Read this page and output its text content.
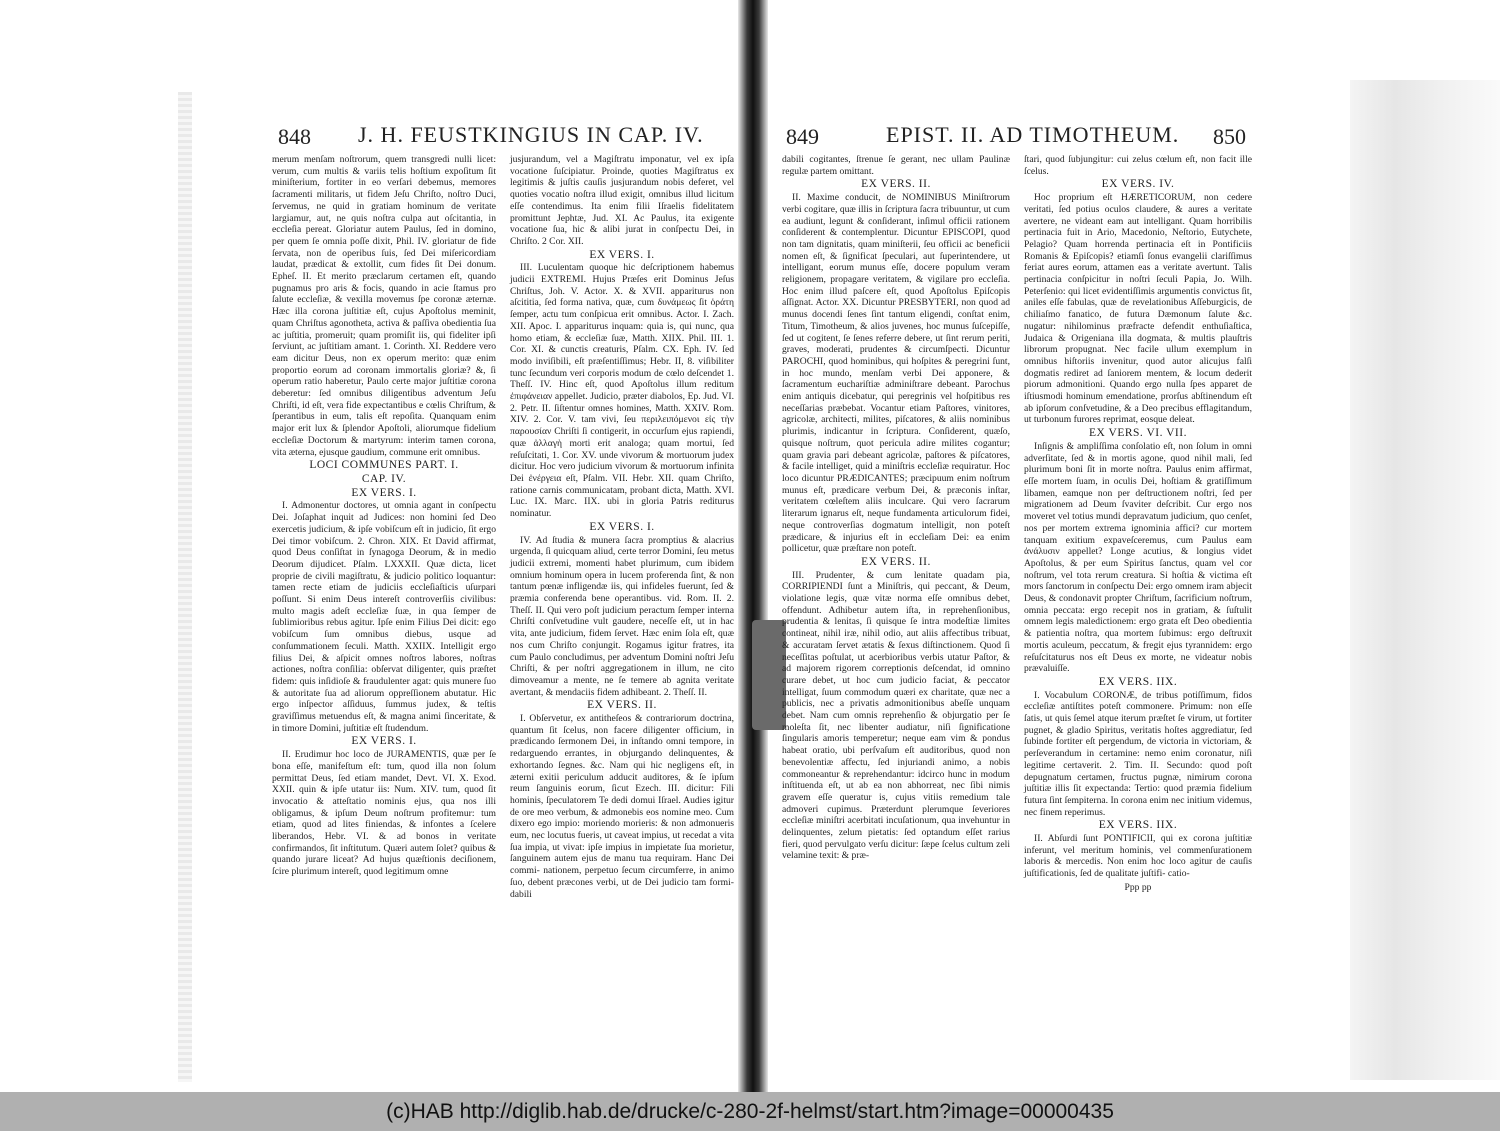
848 J. H. FEUSTKINGIUS IN CAP. IV.

merum menſam noſtrorum, quem transgredi nulli licet: verum, cum multis & variis telis hoſtium expoſitum ſit miniſterium, fortiter in eo verſari debemus, memores ſacramenti militaris, ut fidem Jeſu Chriſto, noſtro Duci, ſervemus, ne quid in gratiam hominum de veritate largiamur, aut, ne quis noſtra culpa aut oſcitantia, in eccleſia pereat. Gloriatur autem Paulus, ſed in domino, per quem ſe omnia poſſe dixit, Phil. IV. gloriatur de fide ſervata, non de operibus ſuis, ſed Dei miſericordiam laudat, prædicat & extollit, cum fides ſit Dei donum. Epheſ. II. Et merito præclarum certamen eſt, quando pugnamus pro aris & focis, quando in acie ſtamus pro ſalute eccleſiæ, & vexilla movemus ſpe coronæ æternæ. Hæc illa corona juſtitiæ eſt, cujus Apoſtolus meminit, quam Chriſtus agonotheta, activa & paſſiva obedientia ſua ac juſtitia, promeruit; quam promiſit iis, qui fideliter ipſi ſerviunt, ac juſtitiam amant. 1. Corinth. XI. Reddere vero eam dicitur Deus, non ex operum merito: quæ enim proportio eorum ad coronam immortalis gloriæ? &, ſi operum ratio haberetur, Paulo certe major juſtitiæ corona deberetur: ſed omnibus diligentibus adventum Jeſu Chriſti, id eſt, vera fide expectantibus e cœlis Chriſtum, & ſperantibus in eum, talis eſt repoſita. Quanquam enim major erit lux & ſplendor Apoſtoli, aliorumque fidelium eccleſiæ Doctorum & martyrum: interim tamen corona, vita æterna, ejusque gaudium, commune erit omnibus.

LOCI COMMUNES PART. I.
CAP. IV.
EX VERS. I.

I. Admonentur doctores, ut omnia agant in conſpectu Dei. Joſaphat inquit ad Judices: non homini ſed Deo exercetis judicium, & ipſe vobiſcum eſt in judicio, ſit ergo Dei timor vobiſcum. 2. Chron. XIX. Et David affirmat, quod Deus conſiſtat in ſynagoga Deorum, & in medio Deorum dijudicet. Pſalm. LXXXII. Quæ dicta, licet proprie de civili magiſtratu, & judicio politico loquantur: tamen recte etiam de judiciis eccleſiaſticis uſurpari poſſunt. Si enim Deus intereſt controverſiis civilibus: multo magis adeſt eccleſiæ ſuæ, in qua ſemper de ſublimioribus rebus agitur. Ipſe enim Filius Dei dicit: ego vobiſcum ſum omnibus diebus, usque ad conſummationem ſeculi. Matth. XXIIX. Intelligit ergo filius Dei, & aſpicit omnes noſtros labores, noſtras actiones, noſtra conſilia: obſervat diligenter, quis præſtet fidem: quis inſidioſe & fraudulenter agat: quis munere ſuo & autoritate ſua ad aliorum oppreſſionem abutatur. Hic ergo inſpector aſſiduus, ſummus judex, & teſtis graviſſimus metuendus eſt, & magna animi ſinceritate, & in timore Domini, juſtitiæ eſt ſtudendum.

EX VERS. I.

II. Erudimur hoc loco de JURAMENTIS, quæ per ſe bona eſſe, manifeſtum eſt: tum, quod illa non ſolum permittat Deus, ſed etiam mandet, Devt. VI. X. Exod. XXII. quin & ipſe utatur iis: Num. XIV. tum, quod ſit invocatio & atteſtatio nominis ejus, qua nos illi obligamus, & ipſum Deum noſtrum profitemur: tum etiam, quod ad lites finiendas, & infontes a ſcelere liberandos, Hebr. VI. & ad bonos in veritate confirmandos, ſit inſtitutum. Quæri autem ſolet? quibus & quando jurare liceat? Ad hujus quæſtionis deciſionem, ſcire plurimum intereſt, quod legitimum omne

jusjurandum, vel a Magiſtratu imponatur, vel ex ipſa vocatione ſuſcipiatur. Proinde, quoties Magiſtratus ex legitimis & juſtis cauſis jusjurandum nobis deferet, vel quoties vocatio noſtra illud exigit, omnibus illud licitum eſſe contendimus. Ita enim filii Iſraelis fidelitatem promittunt Jephtæ, Jud. XI. Ac Paulus, ita exigente vocatione ſua, hic & alibi jurat in conſpectu Dei, in Chriſto. 2 Cor. XII.

EX VERS. I.

III. Luculentam quoque hic deſcriptionem habemus judicii EXTREMI. Hujus Præſes erit Dominus Jeſus Chriſtus, Joh. V. Actor. X. & XVII. appariturus non aſcititia, ſed forma nativa, quæ, cum δυνάμεως ſit ὁράτη ſemper, actu tum conſpicua erit omnibus. Actor. I. Zach. XII. Apoc. I. appariturus inquam: quia is, qui nunc, qua homo etiam, & eccleſiæ ſuæ, Matth. XIIX. Phil. III. 1. Cor. XI. & cunctis creaturis, Pſalm. CX. Eph. IV. ſed modo inviſibili, eſt præſentiſſimus; Hebr. II, 8. viſibiliter tunc ſecundum veri corporis modum de cœlo deſcendet 1. Theſſ. IV. Hinc eſt, quod Apoſtolus illum reditum ἐπιφάνειαν appellet. Judicio, præter diabolos, Ep. Jud. VI. 2. Petr. II. ſiſtentur omnes homines, Matth. XXIV. Rom. XIV. 2. Cor. V. tam vivi, ſeu περιλειπόμενοι εἰς τὴν παρουσίαν Chriſti ſi contigerit, in occurſum ejus rapiendi, quæ ἀλλαγὴ morti erit analoga; quam mortui, ſed reſuſcitati, 1. Cor. XV. unde vivorum & mortuorum judex dicitur. Hoc vero judicium vivorum & mortuorum infinita Dei ἐνέργεια eſt, Pſalm. VII. Hebr. XII. quam Chriſto, ratione carnis communicatam, probant dicta, Matth. XVI. Luc. IX. Marc. IIX. ubi in gloria Patris rediturus nominatur.

EX VERS. I.

IV. Ad ſtudia & munera ſacra promptius & alacrius urgenda, ſi quicquam aliud, certe terror Domini, ſeu metus judicii extremi, momenti habet plurimum, cum ibidem omnium hominum opera in lucem proferenda ſint, & non tantum pœnæ infligendæ iis, qui infideles fuerunt, ſed & præmia conferenda bene operantibus. vid. Rom. II. 2. Theſſ. II. Qui vero poſt judicium peractum ſemper interna Chriſti conſvetudine vult gaudere, neceſſe eſt, ut in hac vita, ante judicium, fidem ſervet. Hæc enim ſola eſt, quæ nos cum Chriſto conjungit. Rogamus igitur fratres, ita cum Paulo concludimus, per adventum Domini noſtri Jeſu Chriſti, & per noſtri aggregationem in illum, ne cito dimoveamur a mente, ne ſe temere ab agnita veritate avertant, & mendaciis fidem adhibeant. 2. Theſſ. II.

EX VERS. II.

I. Obſervetur, ex antitheſeos & contrariorum doctrina, quantum ſit ſcelus, non facere diligenter officium, in prædicando ſermonem Dei, in inſtando omni tempore, in redarguendo errantes, in objurgando delinquentes, & exhortando ſegnes. &c. Nam qui hic negligens eſt, in æterni exitii periculum adducit auditores, & ſe ipſum reum ſanguinis eorum, ſicut Ezech. III. dicitur: Fili hominis, ſpeculatorem Te dedi domui Iſrael. Audies igitur de ore meo verbum, & admonebis eos nomine meo. Cum dixero ego impio: moriendo morieris: & non admonueris eum, nec locutus fueris, ut caveat impius, ut recedat a vita ſua impia, ut vivat: ipſe impius in impietate ſua morietur, ſanguinem autem ejus de manu tua requiram. Hanc Dei commi- nationem, perpetuo ſecum circumferre, in animo ſuo, debent præcones verbi, ut de Dei judicio tam formi- dabili

849	EPIST. II. AD TIMOTHEUM. 850

dabili cogitantes, ſtrenue ſe gerant, nec ullam Paulinæ regulæ partem omittant.

EX VERS. II.

II. Maxime conducit, de NOMINIBUS Miniſtrorum verbi cogitare, quæ illis in ſcriptura ſacra tribuuntur, ut cum ea audiunt, legunt & conſiderant, inſimul officii rationem conſiderent & contemplentur. Dicuntur EPISCOPI, quod non tam dignitatis, quam miniſterii, ſeu officii ac beneficii nomen eſt, & ſignificat ſpeculari, aut ſuperintendere, ut intelligant, eorum munus eſſe, docere populum veram religionem, propagare veritatem, & vigilare pro eccleſia. Hoc enim illud paſcere eſt, quod Apoſtolus Epiſcopis aſſignat. Actor. XX. Dicuntur PRESBYTERI, non quod ad munus docendi ſenes ſint tantum eligendi, conſtat enim, Titum, Timotheum, & alios juvenes, hoc munus ſuſcepiſſe, ſed ut cogitent, ſe ſenes referre debere, ut ſint rerum periti, graves, moderati, prudentes & circumſpecti. Dicuntur PAROCHI, quod hominibus, qui hoſpites & peregrini ſunt, in hoc mundo, menſam verbi Dei apponere, & ſacramentum euchariſtiæ adminiſtrare debeant. Parochus enim antiquis dicebatur, qui peregrinis vel hoſpitibus res neceſſarias præbebat. Vocantur etiam Paſtores, vinitores, agricolæ, architecti, milites, piſcatores, & aliis nominibus plurimis, indicantur in ſcriptura. Conſiderent, quæſo, quisque noſtrum, quot pericula adire milites cogantur; quam gravia pari debeant agricolæ, paſtores & piſcatores, & facile intelliget, quid a miniſtris eccleſiæ requiratur. Hoc loco dicuntur PRÆDICANTES; præcipuum enim noſtrum munus eſt, prædicare verbum Dei, & præconis inſtar, veritatem cœleſtem aliis inculcare. Qui vero ſacrarum literarum ignarus eſt, neque fundamenta articulorum fidei, neque controverſias dogmatum intelligit, non poteſt prædicare, & injurius eſt in eccleſiam Dei: ea enim pollicetur, quæ præſtare non poteſt.

EX VERS. II.

III. Prudenter, & cum lenitate quadam pia, CORRIPIENDI ſunt a Miniſtris, qui peccant, & Deum, violatione legis, quæ vitæ norma eſſe omnibus debet, offendunt. Adhibetur autem iſta, in reprehenſionibus, prudentia & lenitas, ſi quisque ſe intra modeſtiæ limites contineat, nihil iræ, nihil odio, aut aliis affectibus tribuat, & accuratam ſervet ætatis & ſexus diſtinctionem. Quod ſi neceſſitas poſtulat, ut acerbioribus verbis utatur Paſtor, & ad majorem rigorem correptionis deſcendat, id omnino curare debet, ut hoc cum judicio faciat, & peccator intelligat, ſuum commodum quæri ex charitate, quæ nec a publicis, nec a privatis admonitionibus abeſſe unquam debet. Nam cum omnis reprehenſio & objurgatio per ſe moleſta ſit, nec libenter audiatur, niſi ſignificatione ſingularis amoris temperetur; neque eam vim & pondus habeat oratio, ubi perſvaſum eſt auditoribus, quod non benevolentiæ affectu, ſed injuriandi animo, a nobis commoneantur & reprehendantur: idcirco hunc in modum inſtituenda eſt, ut ab ea non abhorreat, nec ſibi nimis gravem eſſe queratur is, cujus vitiis remedium tale admoveri cupimus. Præterdunt plerumque ſeveriores eccleſiæ miniſtri acerbitati incuſationum, qua invehuntur in delinquentes, zelum pietatis: ſed optandum eſſet rarius fieri, quod pervulgato verſu dicitur: ſæpe ſcelus cultum zeli velamine texit: & præ-

ſtari, quod ſubjungitur: cui zelus cœlum eſt, non facit ille ſcelus.

EX VERS. IV.

Hoc proprium eſt HÆRETICORUM, non cedere veritati, ſed potius oculos claudere, & aures a veritate avertere, ne videant eam aut intelligant. Quam horribilis pertinacia fuit in Ario, Macedonio, Neſtorio, Eutychete, Pelagio? Quam horrenda pertinacia eſt in Pontificiis Romanis & Epiſcopis? etiamſi ſonus evangelii clariſſimus feriat aures eorum, attamen eas a veritate avertunt. Talis pertinacia conſpicitur in noſtri ſeculi Papia, Jo. Wilh. Peterſenio: qui licet evidentiſſimis argumentis convictus ſit, aniles eſſe fabulas, quæ de revelationibus Aſſeburgicis, de chiliaſmo fanatico, de futura Dæmonum ſalute &c. nugatur: nihilominus præfracte defendit enthuſiaſtica, Judaica & Origeniana illa dogmata, & multis plauſtris librorum propugnat. Nec facile ullum exemplum in omnibus hiſtoriis invenitur, quod autor alicujus falſi dogmatis rediret ad ſaniorem mentem, & locum dederit piorum admonitioni. Quando ergo nulla ſpes apparet de iſtiusmodi hominum emendatione, prorſus abſtinendum eſt ab ipſorum conſvetudine, & a Deo precibus efflagitandum, ut turbonum furores reprimat, eosque deleat.

EX VERS. VI. VII.

Inſignis & ampliſſima conſolatio eſt, non ſolum in omni adverſitate, ſed & in mortis agone, quod nihil mali, ſed plurimum boni ſit in morte noſtra. Paulus enim affirmat, eſſe mortem ſuam, in oculis Dei, hoſtiam & gratiſſimum libamen, eamque non per deſtructionem noſtri, ſed per migrationem ad Deum ſvaviter deſcribit. Cur ergo nos moveret vel totius mundi depravatum judicium, quo cenſet, nos per mortem extrema ignominia affici? cur mortem tanquam exitium expaveſceremus, cum Paulus eam ἀνάλυσιν appellet? Longe acutius, & longius videt Apoſtolus, & per eum Spiritus ſanctus, quam vel cor noſtrum, vel tota rerum creatura. Si hoſtia & victima eſt mors ſanctorum in conſpectu Dei: ergo omnem iram abjecit Deus, & condonavit propter Chriſtum, ſacrificium noſtrum, omnia peccata: ergo recepit nos in gratiam, & ſuſtulit omnem legis maledictionem: ergo grata eſt Deo obedientia & patientia noſtra, qua mortem ſubimus: ergo deſtruxit mortis aculeum, peccatum, & fregit ejus tyrannidem: ergo reſuſcitaturus nos eſt Deus ex morte, ne videatur nobis prævaluiſſe.

EX VERS. IIX.

I. Vocabulum CORONÆ, de tribus potiſſimum, fidos eccleſiæ antiſtites poteſt commonere. Primum: non eſſe ſatis, ut quis ſemel atque iterum præſtet ſe virum, ut fortiter pugnet, & gladio Spiritus, veritatis hoſtes aggrediatur, ſed ſubinde fortiter eſt pergendum, de victoria in victoriam, & perſeverandum in certamine: nemo enim coronatur, niſi legitime certaverit. 2. Tim. II. Secundo: quod poſt depugnatum certamen, fructus pugnæ, nimirum corona juſtitiæ illis ſit expectanda: Tertio: quod præmia fidelium futura ſint ſempiterna. In corona enim nec initium videmus, nec finem reperimus.

EX VERS. IIX.

II. Abſurdi ſunt PONTIFICII, qui ex corona juſtitiæ inferunt, vel meritum hominis, vel commenſurationem laboris & mercedis. Non enim hoc loco agitur de cauſis juſtificationis, ſed de qualitate juſtifi- catio-

Ppp pp
(c)HAB http://diglib.hab.de/drucke/c-280-2f-helmst/start.htm?image=00000435
